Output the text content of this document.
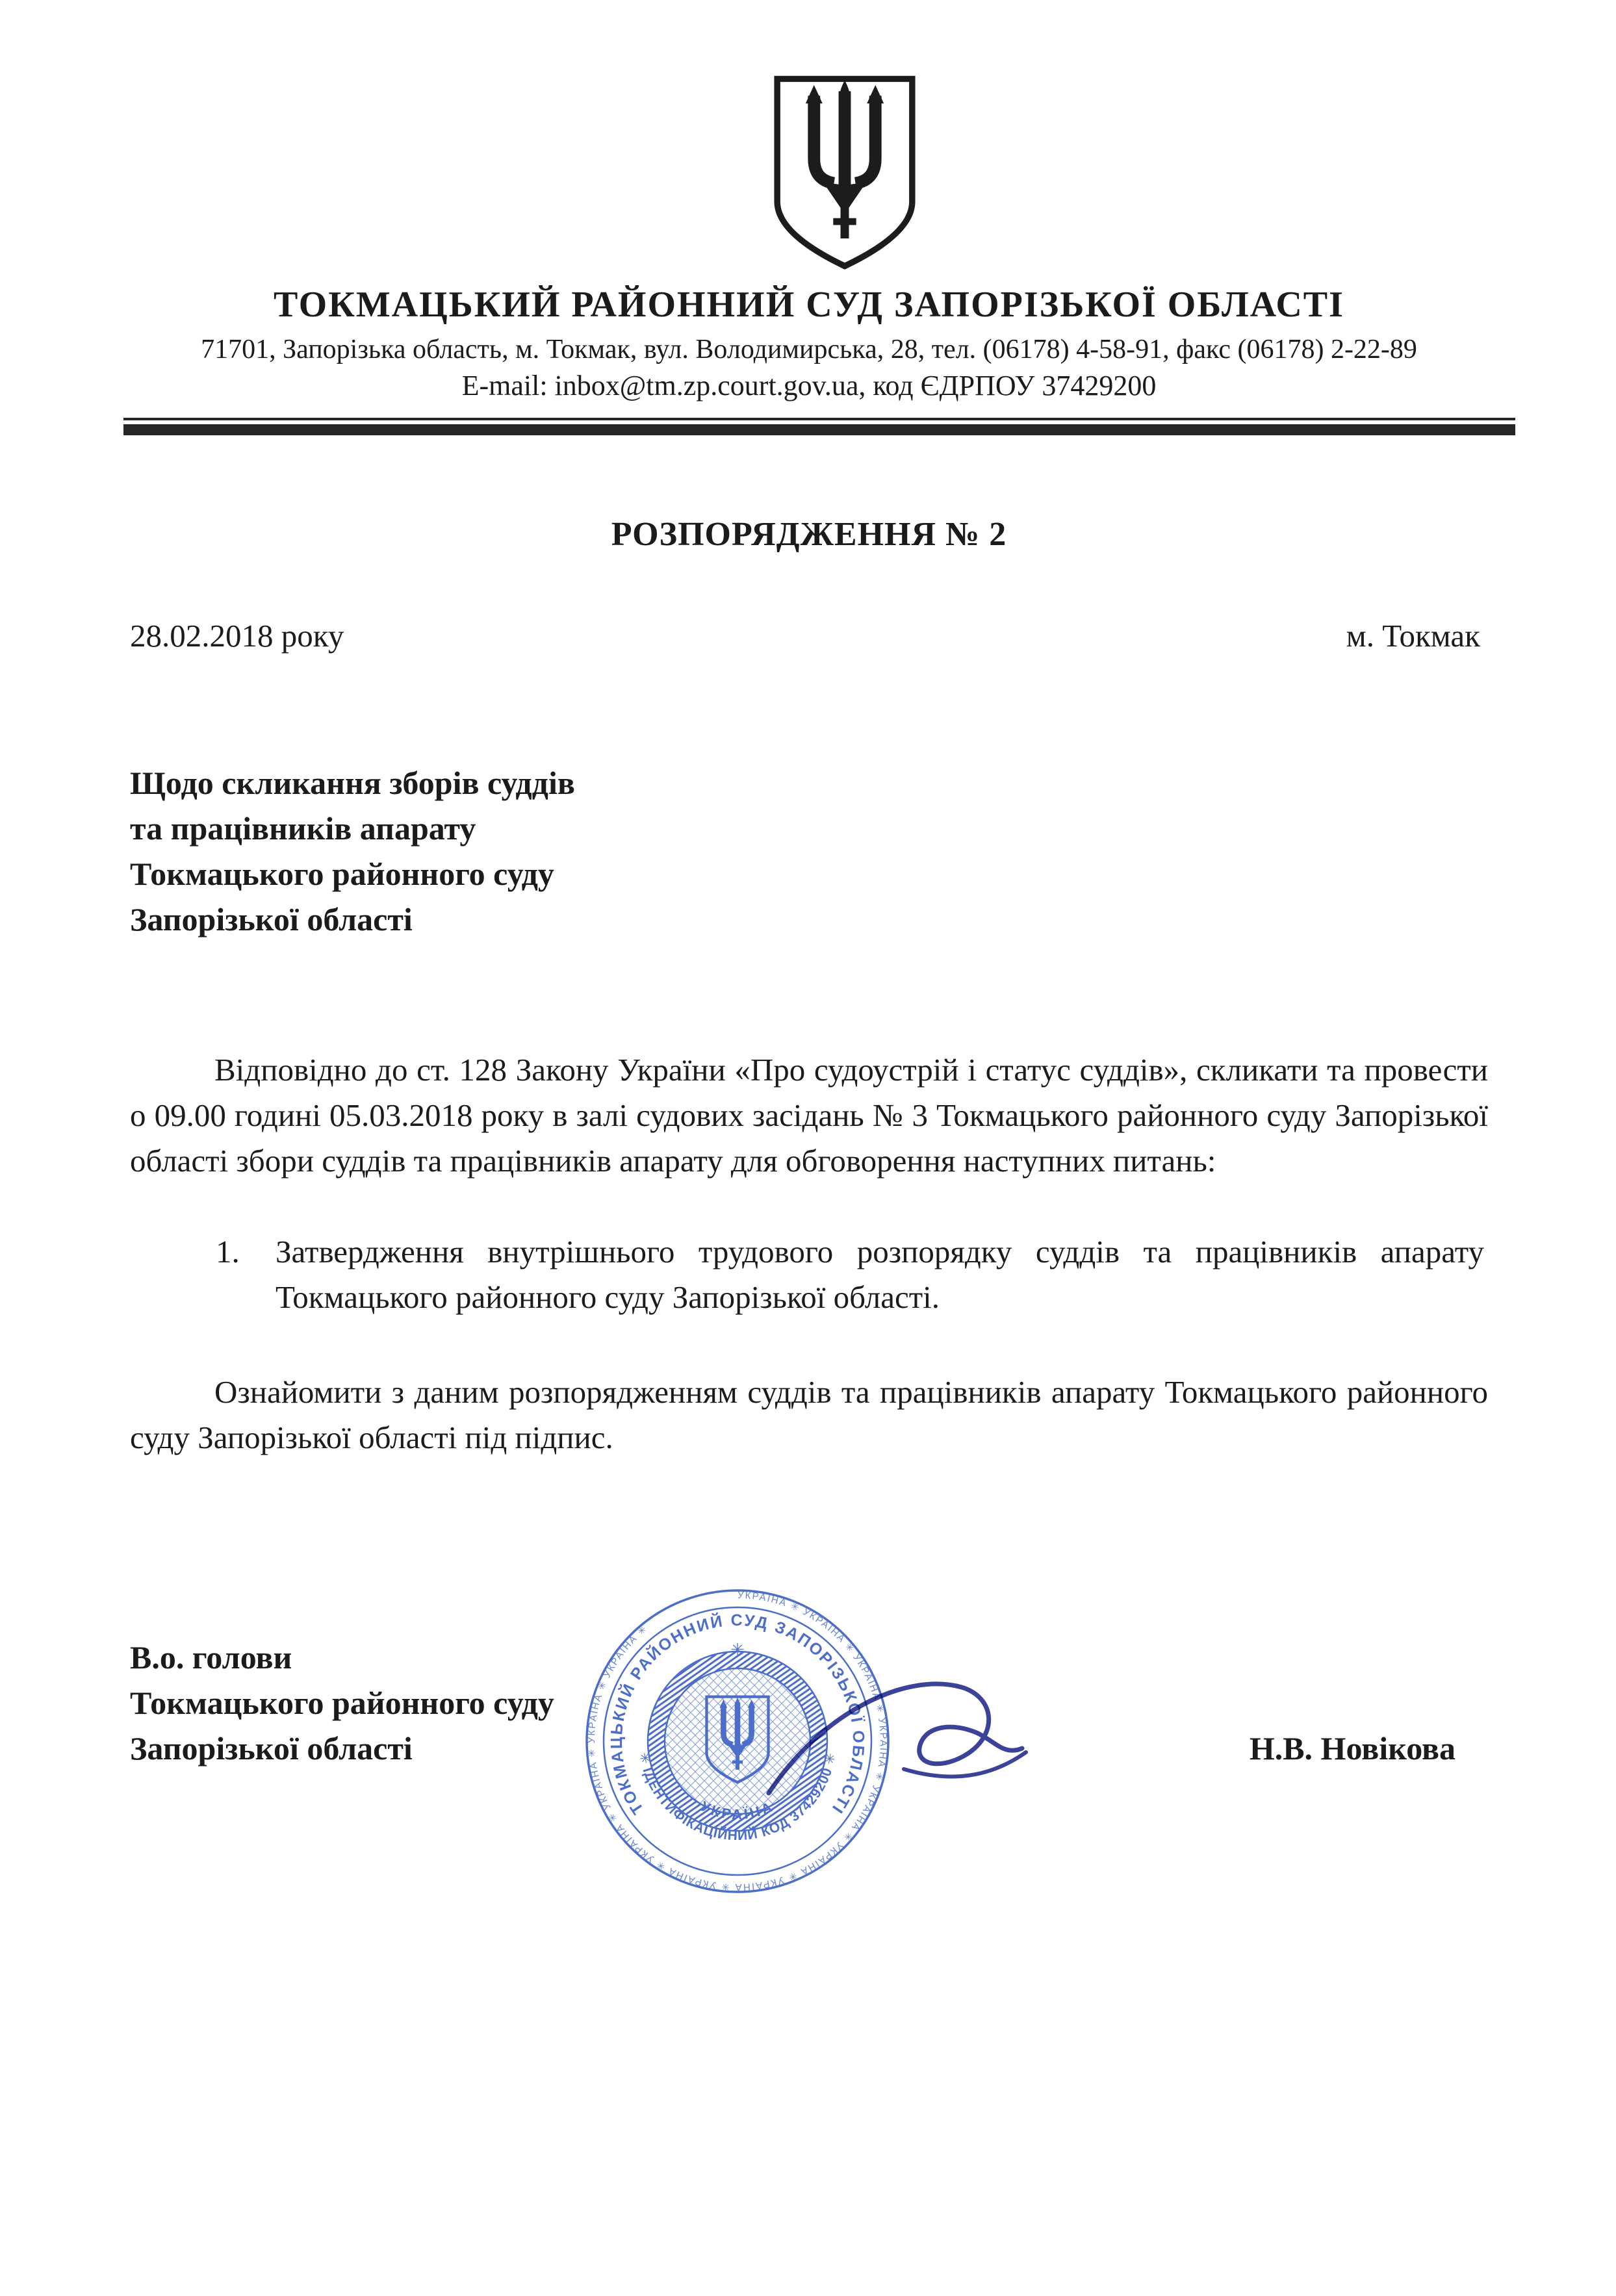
ТОКМАЦЬКИЙ РАЙОННИЙ СУД ЗАПОРІЗЬКОЇ ОБЛАСТІ
71701, Запорізька область, м. Токмак, вул. Володимирська, 28, тел. (06178) 4-58-91, факс (06178) 2-22-89
E-mail: inbox@tm.zp.court.gov.ua, код ЄДРПОУ 37429200
РОЗПОРЯДЖЕННЯ № 2
28.02.2018 року	м. Токмак
Щодо скликання зборів суддів
та працівників апарату
Токмацького районного суду
Запорізької області

Відповідно до ст. 128 Закону України «Про судоустрій і статус суддів», скликати та провести о 09.00 годині 05.03.2018 року в залі судових засідань № 3 Токмацького районного суду Запорізької області збори суддів та працівників апарату для обговорення наступних питань:

1.	Затвердження внутрішнього трудового розпорядку суддів та працівників апарату Токмацького районного суду Запорізької області.

Ознайомити з даним розпорядженням суддів та працівників апарату Токмацького районного суду Запорізької області під підпис.

В.о. голови
Токмацького районного суду
Запорізької області	Н.В. Новікова
УКРАЇНА ✳ УКРАЇНА ✳ УКРАЇНА ✳ УКРАЇНА ✳ УКРАЇНА ✳ УКРАЇНА ✳ УКРАЇНА ✳ УКРАЇНА ✳ УКРАЇНА ✳ УКРАЇНА ✳ УКРАЇНА ✳ УКРАЇНА ✳
ТОКМАЦЬКИЙ РАЙОННИЙ СУД ЗАПОРІЗЬКОЇ ОБЛАСТІ
✳
✳ ІДЕНТИФІКАЦІЙНИЙ КОД 37429200 ✳
УКРАЇНА
